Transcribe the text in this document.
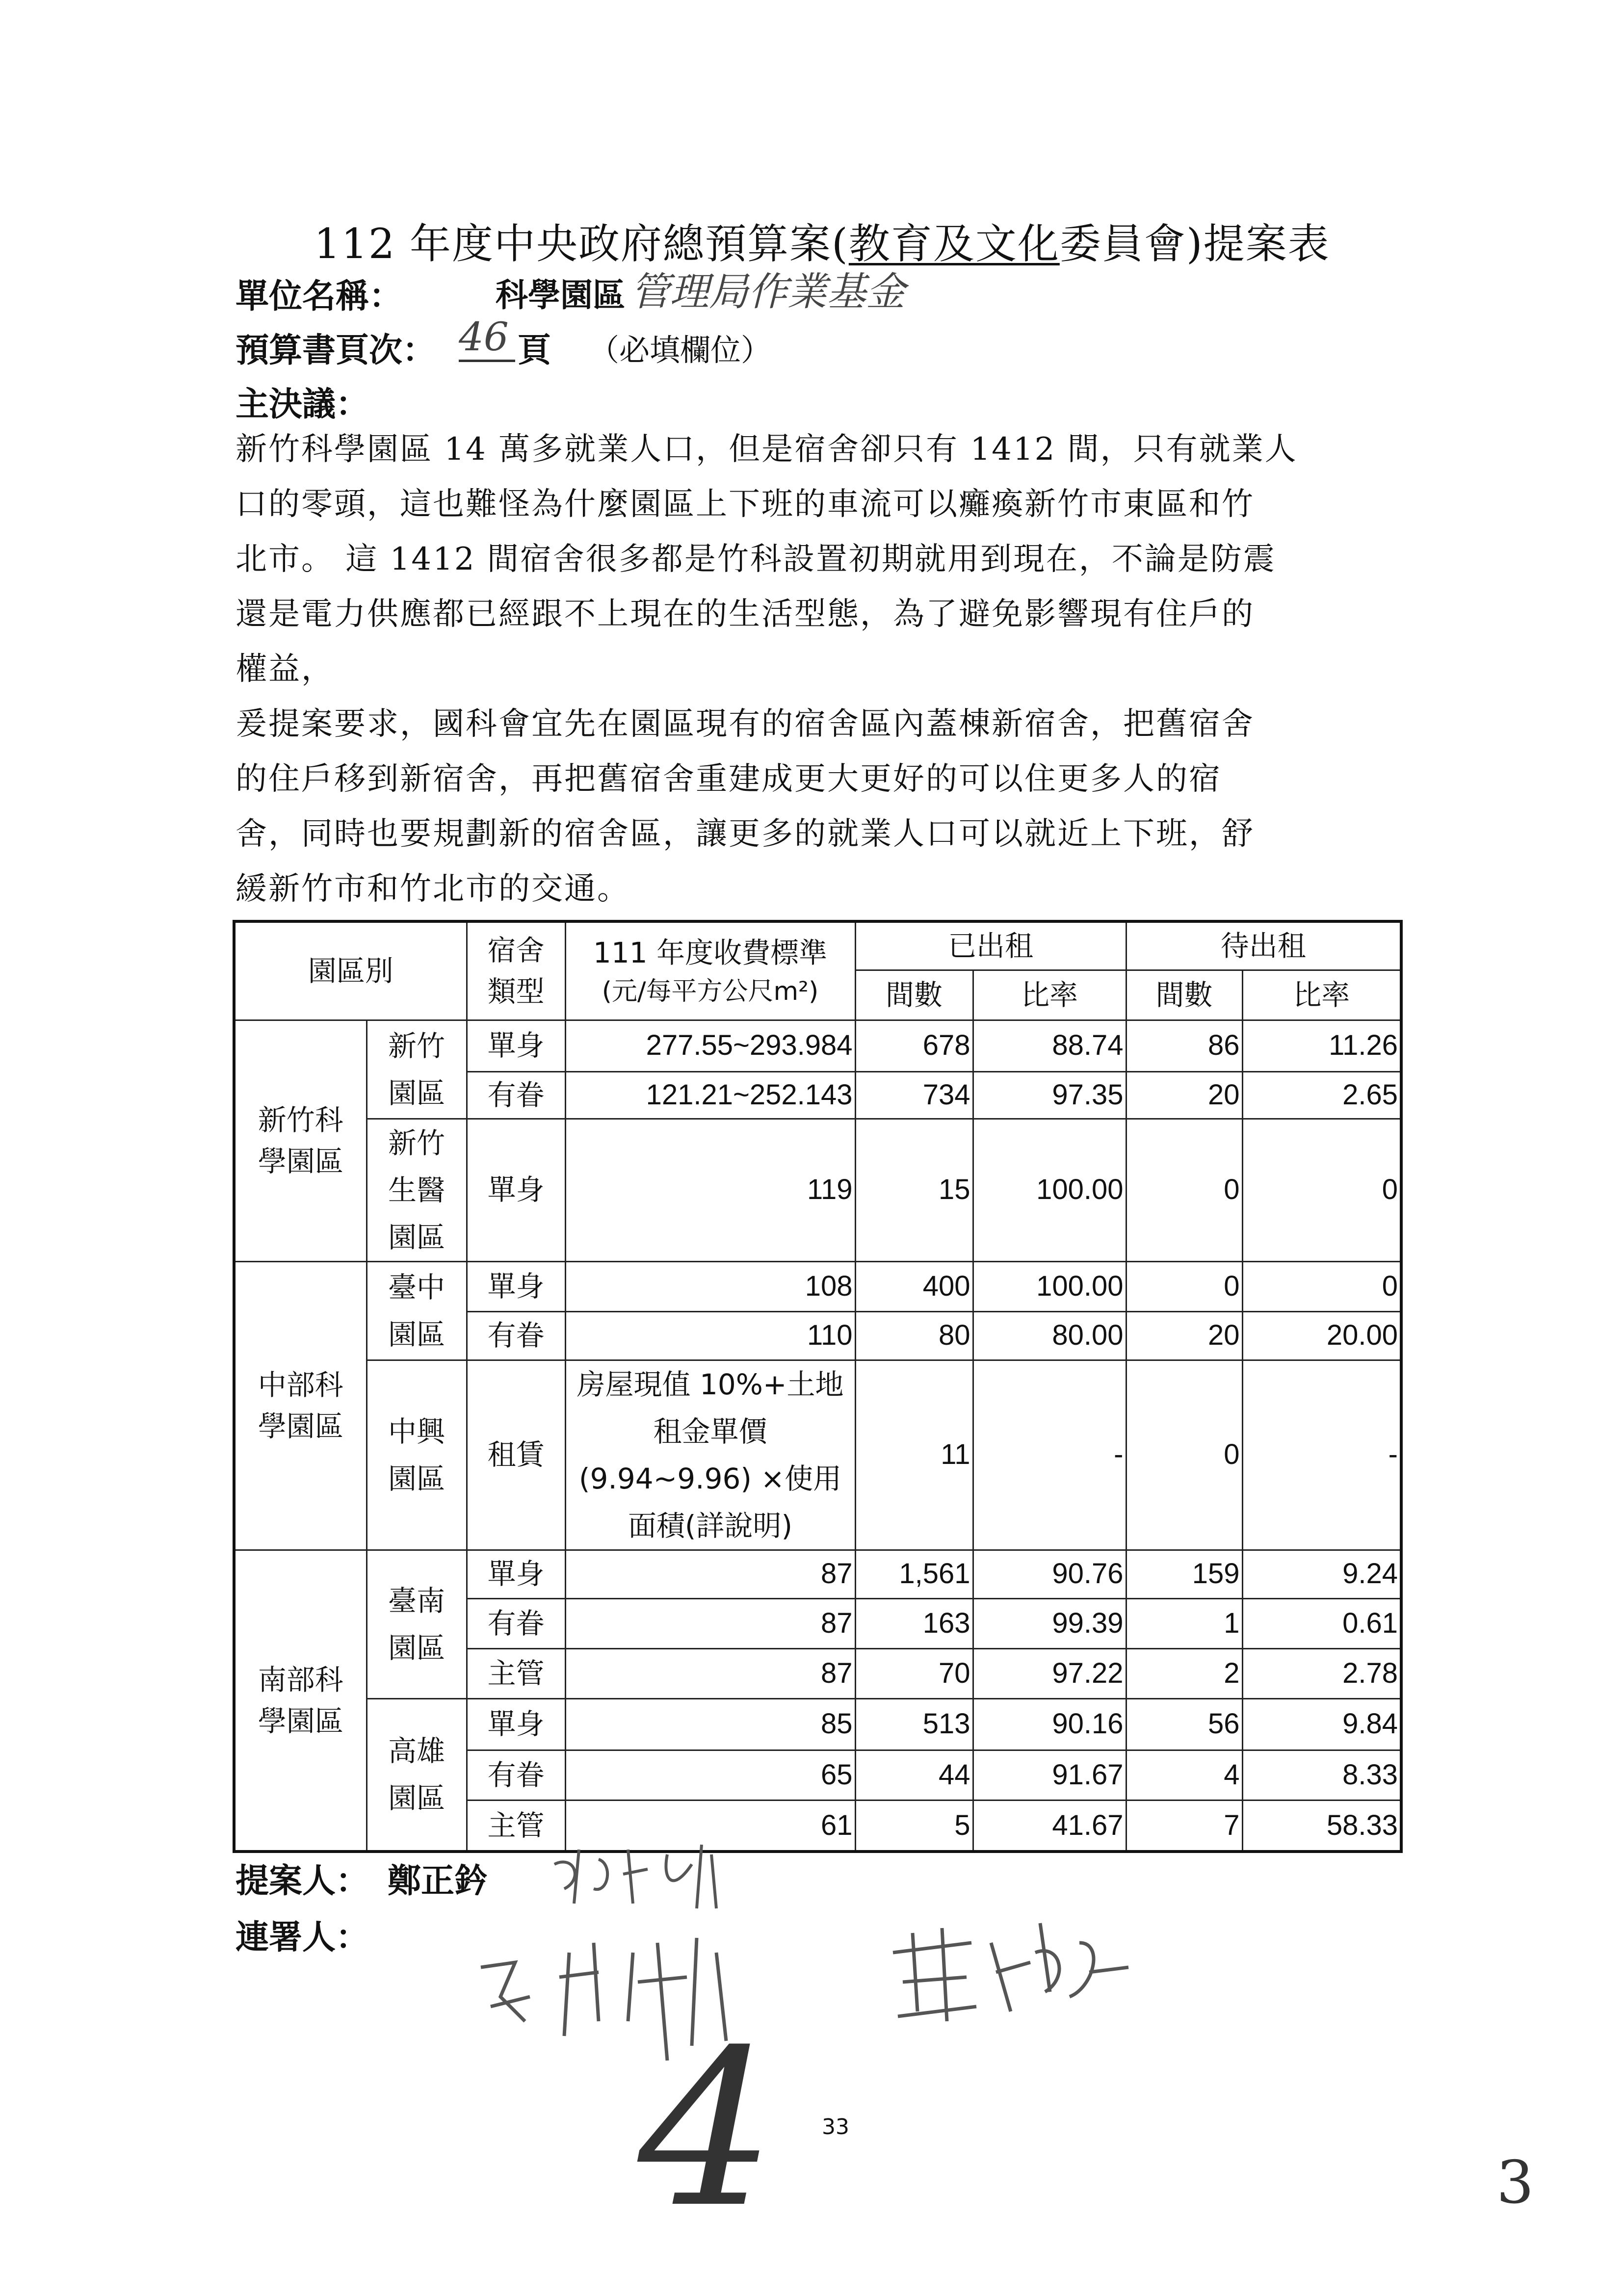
112 年度中央政府總預算案(教育及文化委員會)提案表
單位名稱：	科學園區 管理局作業基金
預算書頁次： 46 頁 （必填欄位）
主決議：
新竹科學園區 14 萬多就業人口，但是宿舍卻只有 1412 間，只有就業人
口的零頭，這也難怪為什麼園區上下班的車流可以癱瘓新竹市東區和竹
北市。 這 1412 間宿舍很多都是竹科設置初期就用到現在，不論是防震
還是電力供應都已經跟不上現在的生活型態，為了避免影響現有住戶的
權益，
爰提案要求，國科會宜先在園區現有的宿舍區內蓋棟新宿舍，把舊宿舍
的住戶移到新宿舍，再把舊宿舍重建成更大更好的可以住更多人的宿
舍，同時也要規劃新的宿舍區，讓更多的就業人口可以就近上下班，舒
緩新竹市和竹北市的交通。
園區別		宿舍類型	111 年度收費標準
(元/每平方公尺m²)	已出租		待出租	
				間數	比率	間數	比率
新竹科學園區	新竹園區	單身	277.55~293.984	678	88.74	86	11.26
		有眷	121.21~252.143	734	97.35	20	2.65
	新竹生醫園區	單身	119	15	100.00	0	0
中部科學園區	臺中園區	單身	108	400	100.00	0	0
		有眷	110	80	80.00	20	20.00
	中興園區	租賃	房屋現值 10%+土地租金單價(9.94~9.96) ×使用面積(詳說明)	11	-	0	-
南部科學園區	臺南園區	單身	87	1,561	90.76	159	9.24
		有眷	87	163	99.39	1	0.61
		主管	87	70	97.22	2	2.78
	高雄園區	單身	85	513	90.16	56	9.84
		有眷	65	44	91.67	4	8.33
		主管	61	5	41.67	7	58.33
提案人： 鄭正鈐
連署人：
4 33
3
